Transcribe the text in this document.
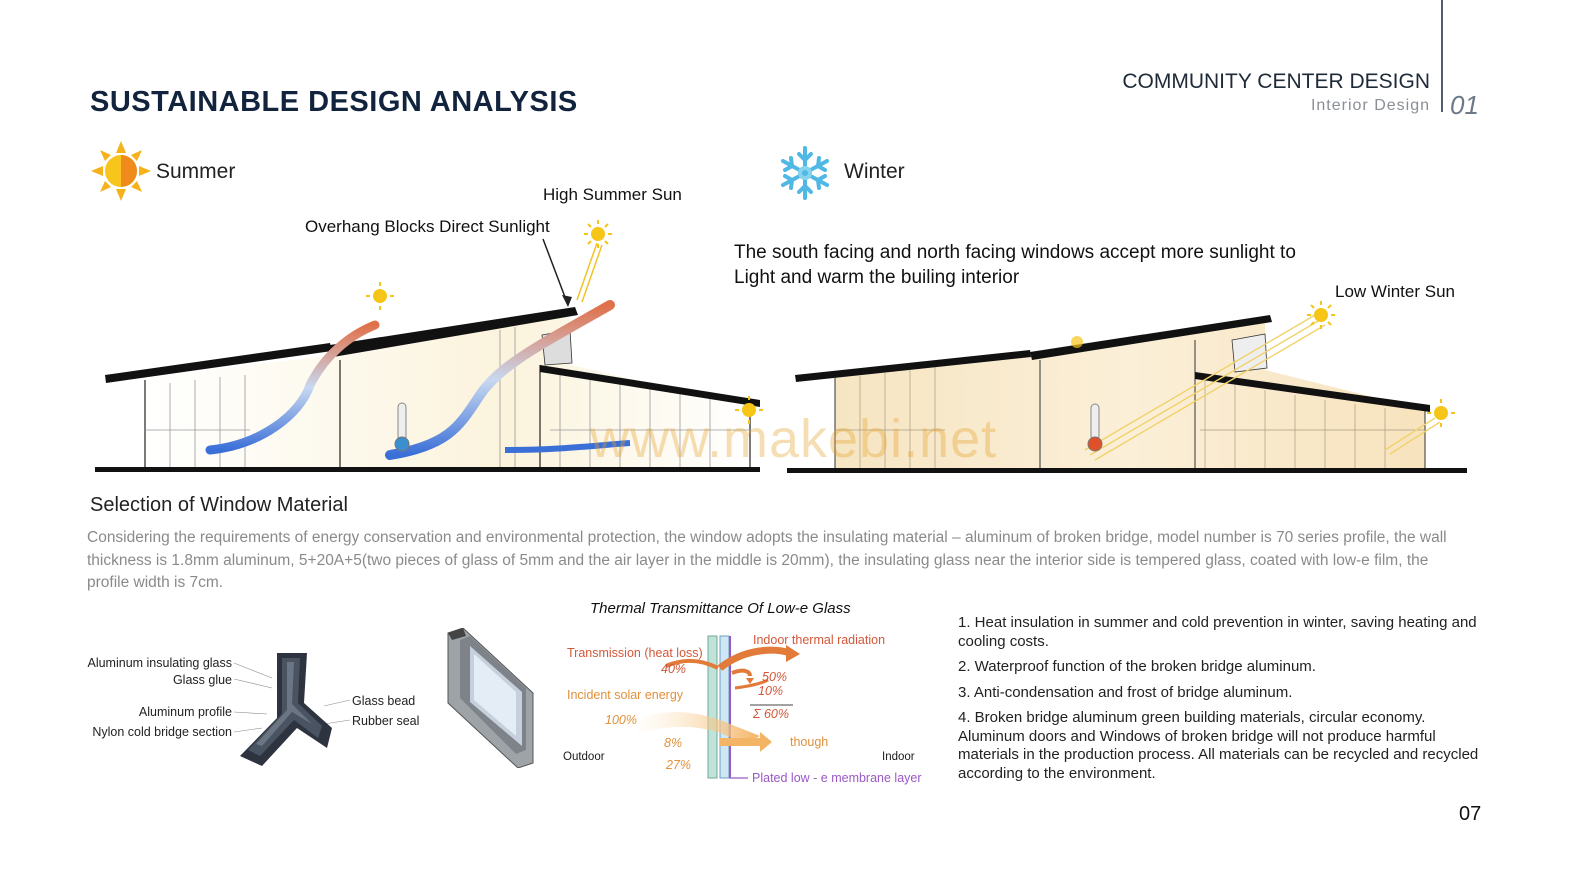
SUSTAINABLE DESIGN ANALYSIS
COMMUNITY CENTER DESIGN
Interior Design 01
Summer	Winter
High Summer Sun
Overhang Blocks Direct Sunlight
The south facing and north facing windows accept more sunlight to
Light and warm the builing interior
Low Winter Sun
www.makebi.net
Selection of Window Material
Considering the requirements of energy conservation and environmental protection, the window adopts the insulating material – aluminum of broken bridge, model number is 70 series profile, the wall thickness is 1.8mm aluminum, 5+20A+5(two pieces of glass of 5mm and the air layer in the middle is 20mm), the insulating glass near the interior side is tempered glass, coated with low-e film, the profile width is 7cm.
Aluminum insulating glass
Glass glue
Aluminum profile
Nylon cold bridge section
Glass bead
Rubber seal
Thermal Transmittance Of Low-e Glass
Transmission (heat loss)
40%
Indoor thermal radiation
50%
10%
Σ 60%
Incident solar energy
100%
8%
27%
though
Outdoor	Indoor
Plated low - e membrane layer
1. Heat insulation in summer and cold prevention in winter, saving heating and cooling costs.
2. Waterproof function of the broken bridge aluminum.
3. Anti-condensation and frost of bridge aluminum.
4. Broken bridge aluminum green building materials, circular economy. Aluminum doors and Windows of broken bridge will not produce harmful materials in the production process. All materials can be recycled and recycled according to the environment.
07
